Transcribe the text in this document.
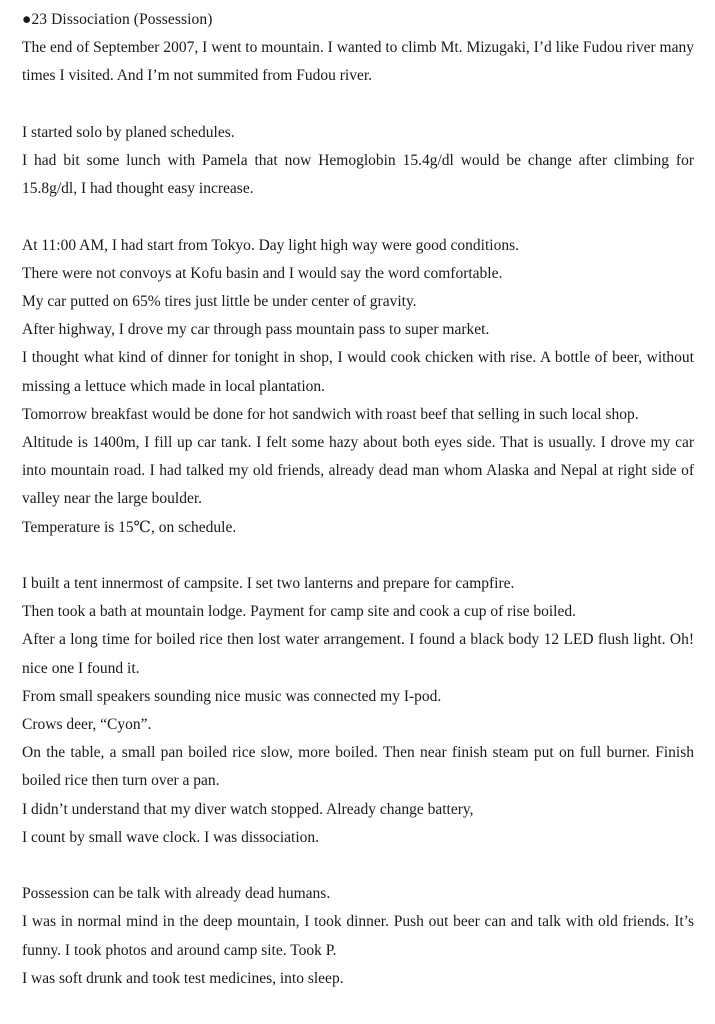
●23 Dissociation (Possession)
The end of September 2007, I went to mountain. I wanted to climb Mt. Mizugaki, I’d like Fudou river many times I visited. And I’m not summited from Fudou river.
I started solo by planed schedules.
I had bit some lunch with Pamela that now Hemoglobin 15.4g/dl would be change after climbing for 15.8g/dl, I had thought easy increase.
At 11:00 AM, I had start from Tokyo. Day light high way were good conditions.
There were not convoys at Kofu basin and I would say the word comfortable.
My car putted on 65% tires just little be under center of gravity.
After highway, I drove my car through pass mountain pass to super market.
I thought what kind of dinner for tonight in shop, I would cook chicken with rise. A bottle of beer, without missing a lettuce which made in local plantation.
Tomorrow breakfast would be done for hot sandwich with roast beef that selling in such local shop.
Altitude is 1400m, I fill up car tank. I felt some hazy about both eyes side. That is usually. I drove my car into mountain road. I had talked my old friends, already dead man whom Alaska and Nepal at right side of valley near the large boulder.
Temperature is 15℃, on schedule.
I built a tent innermost of campsite. I set two lanterns and prepare for campfire.
Then took a bath at mountain lodge. Payment for camp site and cook a cup of rise boiled.
After a long time for boiled rice then lost water arrangement. I found a black body 12 LED flush light. Oh! nice one I found it.
From small speakers sounding nice music was connected my I-pod.
Crows deer, “Cyon”.
On the table, a small pan boiled rice slow, more boiled. Then near finish steam put on full burner. Finish boiled rice then turn over a pan.
I didn’t understand that my diver watch stopped. Already change battery,
I count by small wave clock. I was dissociation.
Possession can be talk with already dead humans.
I was in normal mind in the deep mountain, I took dinner. Push out beer can and talk with old friends. It’s funny. I took photos and around camp site. Took P.
I was soft drunk and took test medicines, into sleep.
